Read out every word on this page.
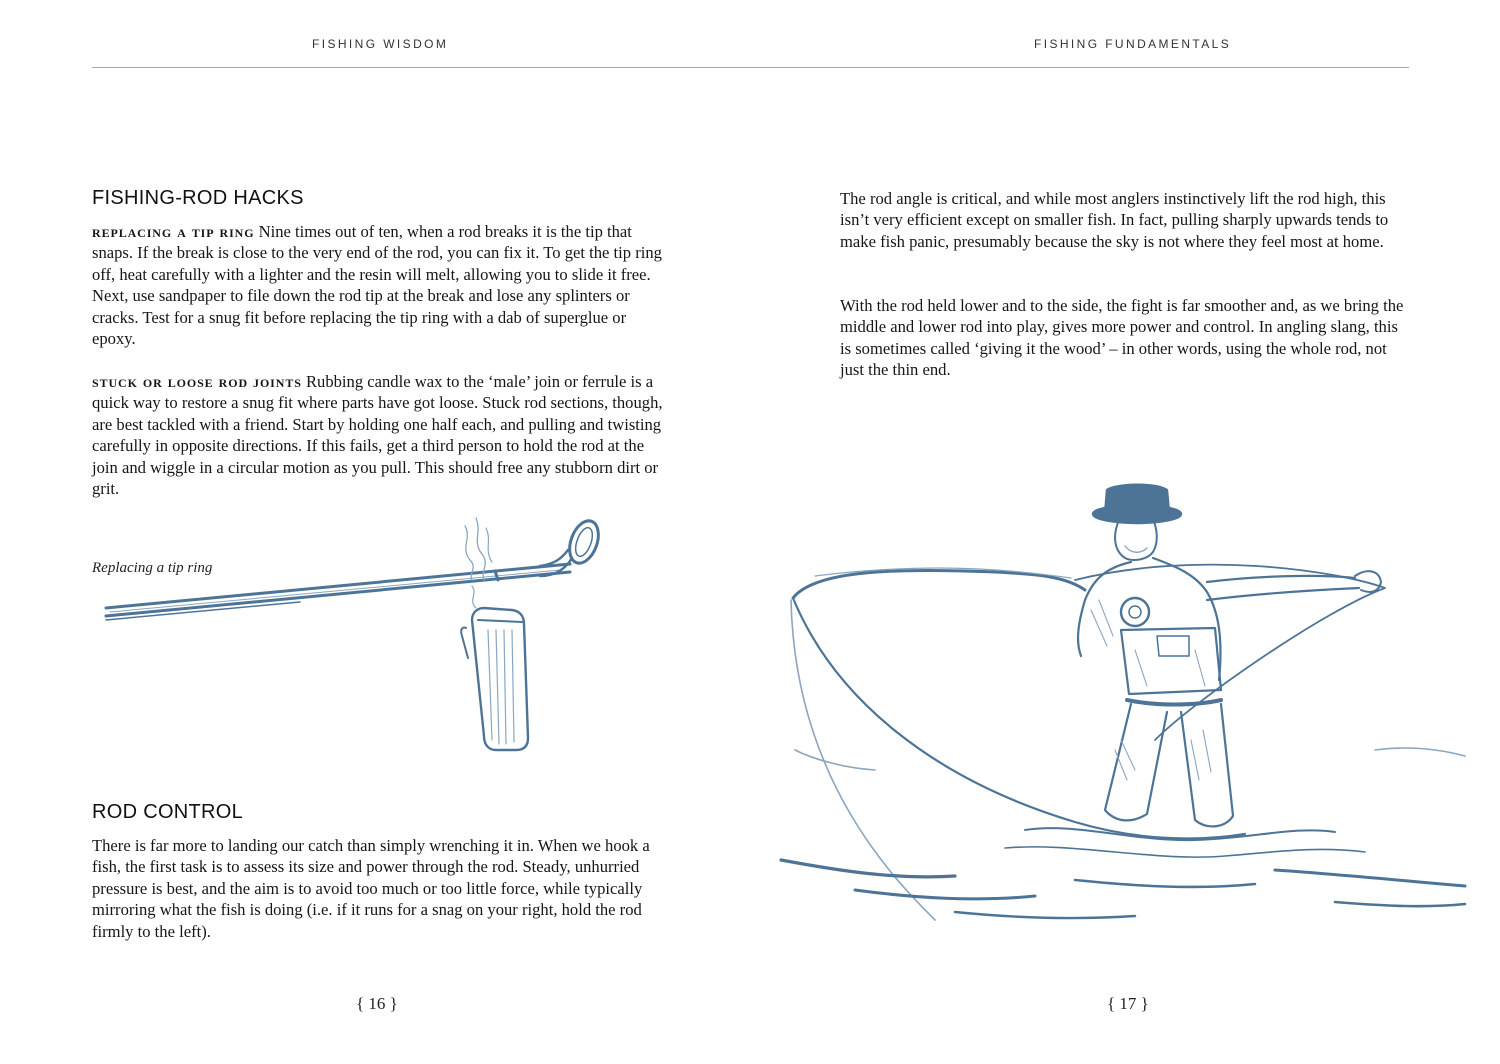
FISHING WISDOM	FISHING FUNDAMENTALS
FISHING-ROD HACKS

replacing a tip ring Nine times out of ten, when a rod breaks it is the tip that snaps. If the break is close to the very end of the rod, you can fix it. To get the tip ring off, heat carefully with a lighter and the resin will melt, allowing you to slide it free. Next, use sandpaper to file down the rod tip at the break and lose any splinters or cracks. Test for a snug fit before replacing the tip ring with a dab of superglue or epoxy.

stuck or loose rod joints Rubbing candle wax to the ‘male’ join or ferrule is a quick way to restore a snug fit where parts have got loose. Stuck rod sections, though, are best tackled with a friend. Start by holding one half each, and pulling and twisting carefully in opposite directions. If this fails, get a third person to hold the rod at the join and wiggle in a circular motion as you pull. This should free any stubborn dirt or grit.

Replacing a tip ring
ROD CONTROL

There is far more to landing our catch than simply wrenching it in. When we hook a fish, the first task is to assess its size and power through the rod. Steady, unhurried pressure is best, and the aim is to avoid too much or too little force, while typically mirroring what the fish is doing (i.e. if it runs for a snag on your right, hold the rod firmly to the left).

{ 16 }

The rod angle is critical, and while most anglers instinctively lift the rod high, this isn’t very efficient except on smaller fish. In fact, pulling sharply upwards tends to make fish panic, presumably because the sky is not where they feel most at home.

With the rod held lower and to the side, the fight is far smoother and, as we bring the middle and lower rod into play, gives more power and control. In angling slang, this is sometimes called ‘giving it the wood’ – in other words, using the whole rod, not just the thin end.

{ 17 }
